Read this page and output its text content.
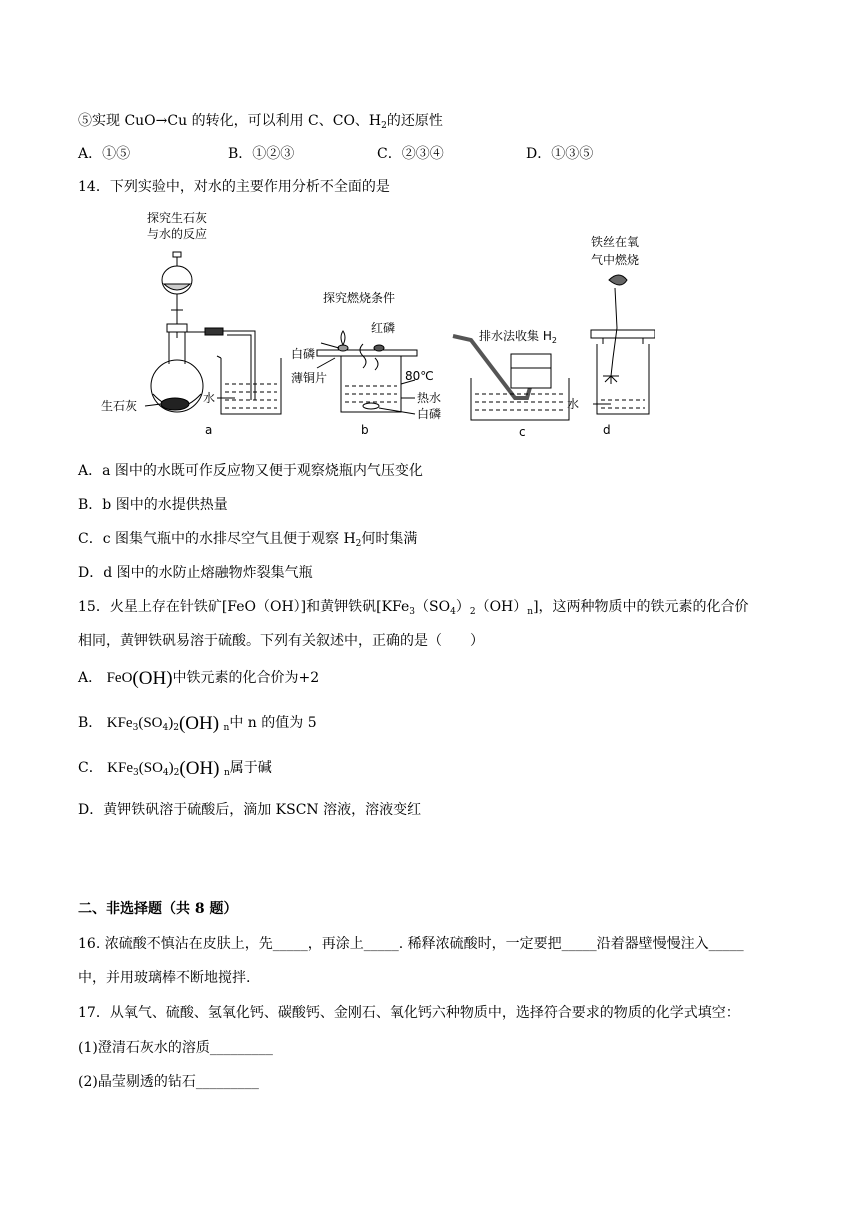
⑤实现 CuO→Cu 的转化，可以利用 C、CO、$H_2$的还原性
A．①⑤	B．①②③	C．②③④	D．①③⑤
14．下列实验中，对水的主要作用分析不全面的是
探究生石灰
与水的反应
生石灰
水
a
探究燃烧条件
红磷
白磷
薄铜片	80℃
热水
白磷
b
排水法收集 $H_2$
c
铁丝在氧
气中燃烧
水
d
A．a 图中的水既可作反应物又便于观察烧瓶内气压变化
B．b 图中的水提供热量
C．c 图集气瓶中的水排尽空气且便于观察 $H_2$何时集满
D．d 图中的水防止熔融物炸裂集气瓶
15．火星上存在针铁矿[FeO（OH）]和黄钾铁矾$[KFe_3(SO_4)_2(OH)_n]$，这两种物质中的铁元素的化合价
相同，黄钾铁矾易溶于硫酸。下列有关叙述中，正确的是（　　）
A． FeO(OH)中铁元素的化合价为+2
B． $KFe_3(SO_4)_2(OH)$ $_n$中 n 的值为 5
C． $KFe_3(SO_4)_2(OH)$ $_n$属于碱
D．黄钾铁矾溶于硫酸后，滴加 KSCN 溶液，溶液变红
二、非选择题（共 8 题）
16. 浓硫酸不慎沾在皮肤上，先_____，再涂上_____. 稀释浓硫酸时，一定要把_____沿着器壁慢慢注入_____
中，并用玻璃棒不断地搅拌.
17．从氧气、硫酸、氢氧化钙、碳酸钙、金刚石、氧化钙六种物质中，选择符合要求的物质的化学式填空：
(1)澄清石灰水的溶质_________
(2)晶莹剔透的钻石_________
